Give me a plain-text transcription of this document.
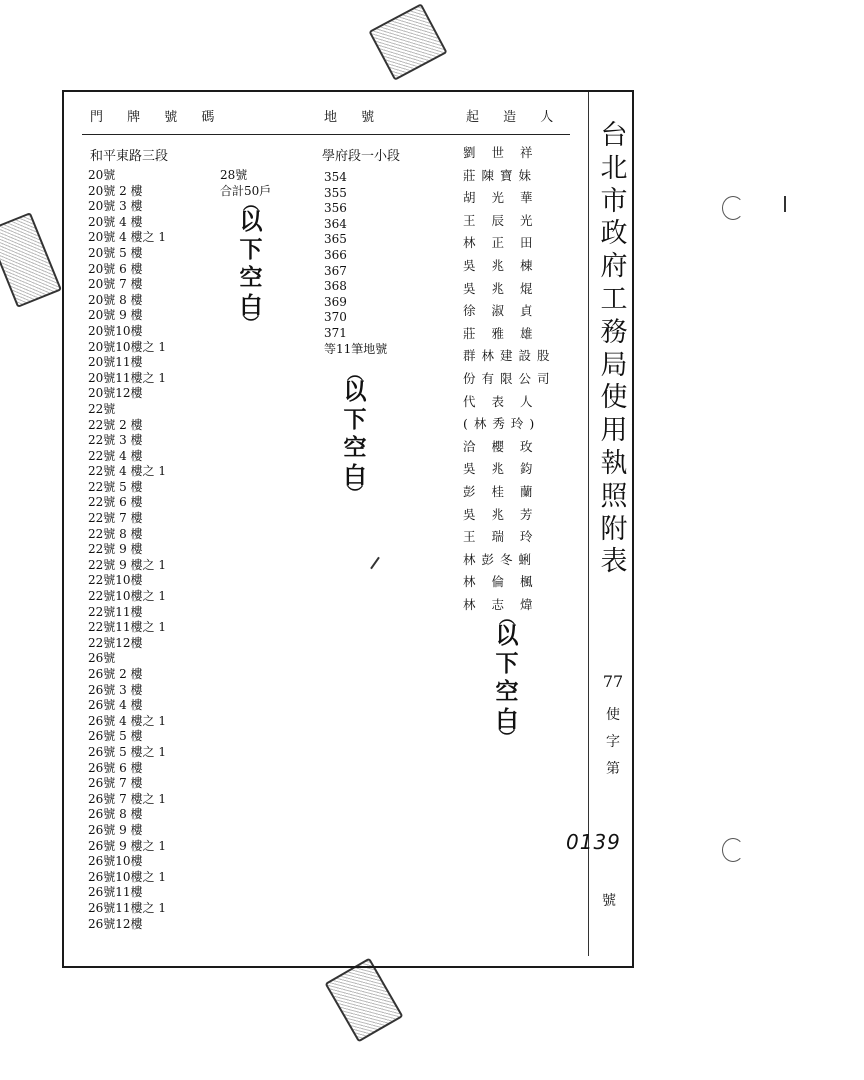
門 牌 號 碼	地 號	起 造 人
和平東路三段
20號
20號 2 樓
20號 3 樓
20號 4 樓
20號 4 樓之 1
20號 5 樓
20號 6 樓
20號 7 樓
20號 8 樓
20號 9 樓
20號10樓
20號10樓之 1
20號11樓
20號11樓之 1
20號12樓
22號
22號 2 樓
22號 3 樓
22號 4 樓
22號 4 樓之 1
22號 5 樓
22號 6 樓
22號 7 樓
22號 8 樓
22號 9 樓
22號 9 樓之 1
22號10樓
22號10樓之 1
22號11樓
22號11樓之 1
22號12樓
26號
26號 2 樓
26號 3 樓
26號 4 樓
26號 4 樓之 1
26號 5 樓
26號 5 樓之 1
26號 6 樓
26號 7 樓
26號 7 樓之 1
26號 8 樓
26號 9 樓
26號 9 樓之 1
26號10樓
26號10樓之 1
26號11樓
26號11樓之 1
26號12樓
28號
合計50戶
學府段一小段
354
355
356
364
365
366
367
368
369
370
371
等11筆地號
劉 世 祥
莊陳寶妹
胡 光 華
王 辰 光
林 正 田
吳 兆 棟
吳 兆 焜
徐 淑 貞
莊 雅 雄
群林建設股
份有限公司
代 表 人
(林秀玲)
洽 櫻 玫
吳 兆 鈞
彭 桂 蘭
吳 兆 芳
王 瑞 玲
林彭冬蜊
林 倫 楓
林 志 煒
︵
以
下
空
白
︶
︵
以
下
空
白
︶
︵
以
下
空
白
︶
台
北
市
政
府
工
務
局
使
用
執
照
附
表
77
使
字
第
0139
號
